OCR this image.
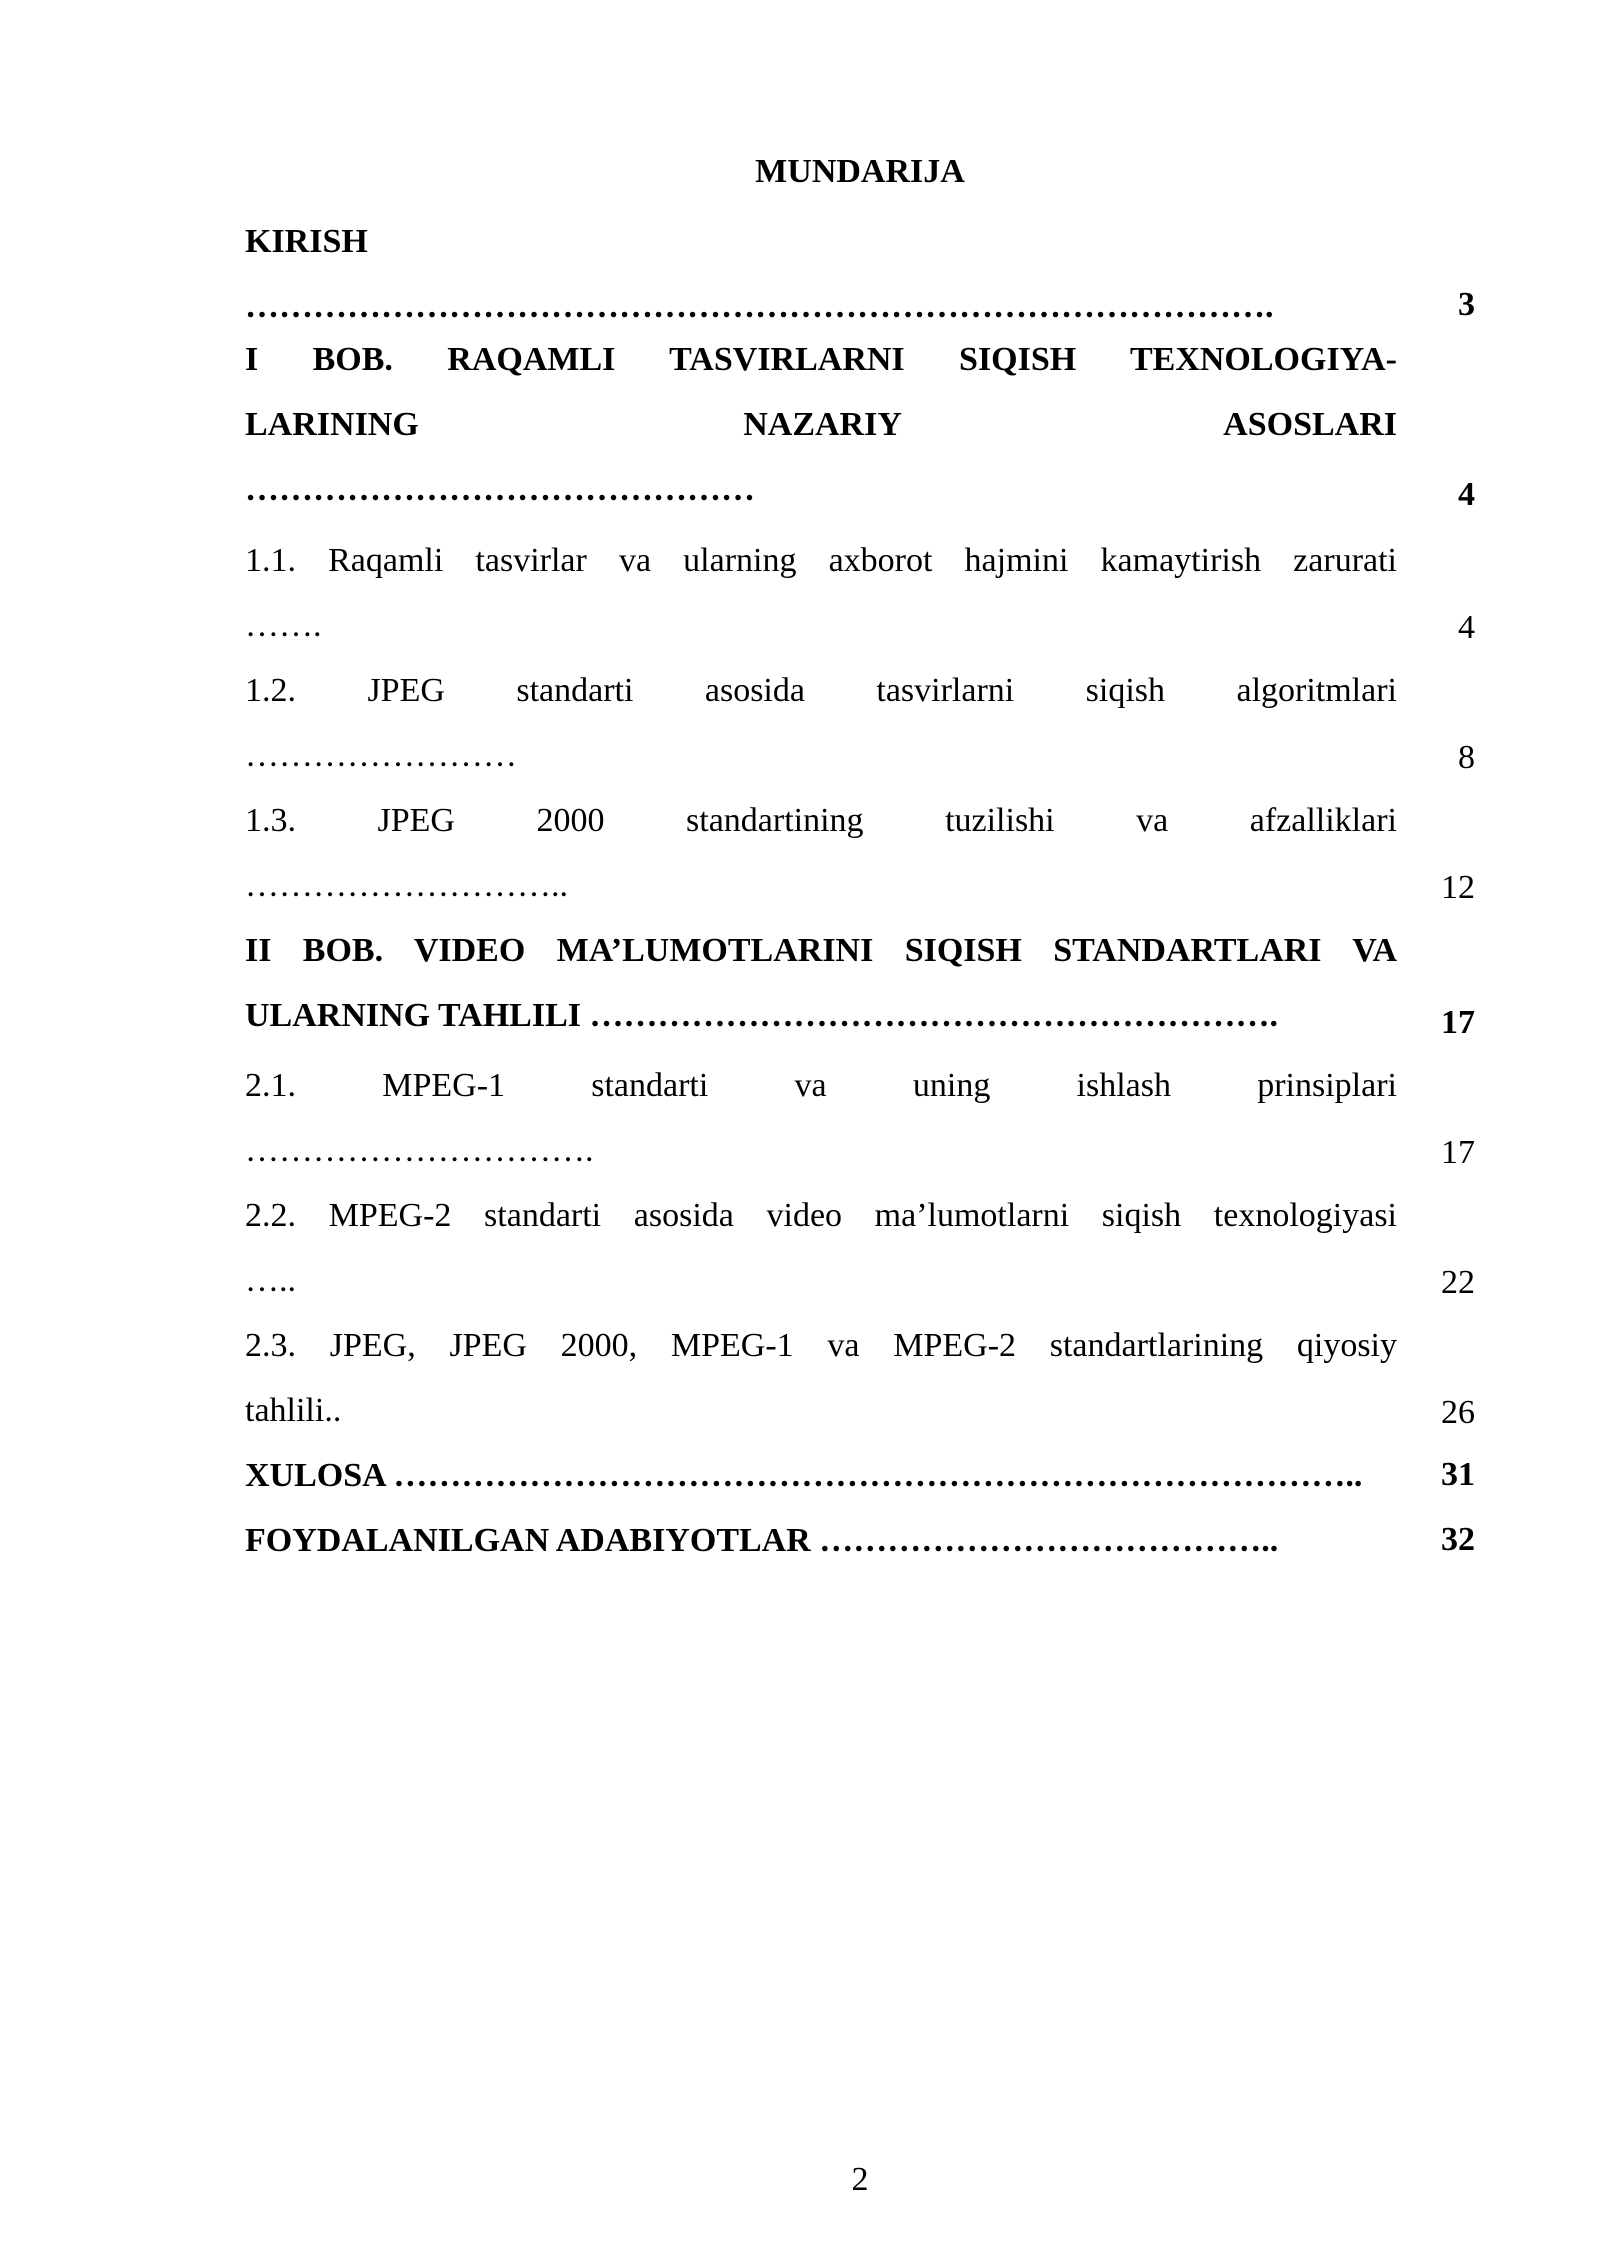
MUNDARIJA
KIRISH
……………………………………………………………………………….	3
I BOB. RAQAMLI TASVIRLARNI SIQISH TEXNOLOGIYA-
LARINING NAZARIY ASOSLARI
………………………………………	4
1.1. Raqamli tasvirlar va ularning axborot hajmini kamaytirish zarurati
…….	4
1.2. JPEG standarti asosida tasvirlarni siqish algoritmlari
……………………	8
1.3. JPEG 2000 standartining tuzilishi va afzalliklari
………………………..	12
II BOB. VIDEO MA’LUMOTLARINI SIQISH STANDARTLARI VA
ULARNING TAHLILI …………………………………………………….	17
2.1. MPEG-1 standarti va uning ishlash prinsiplari
………………………….	17
2.2. MPEG-2 standarti asosida video ma’lumotlarni siqish texnologiyasi
…..	22
2.3. JPEG, JPEG 2000, MPEG-1 va MPEG-2 standartlarining qiyosiy
tahlili..	26
XULOSA …………………………………………………………………………..	31
FOYDALANILGAN ADABIYOTLAR …………………………………..	32
2
